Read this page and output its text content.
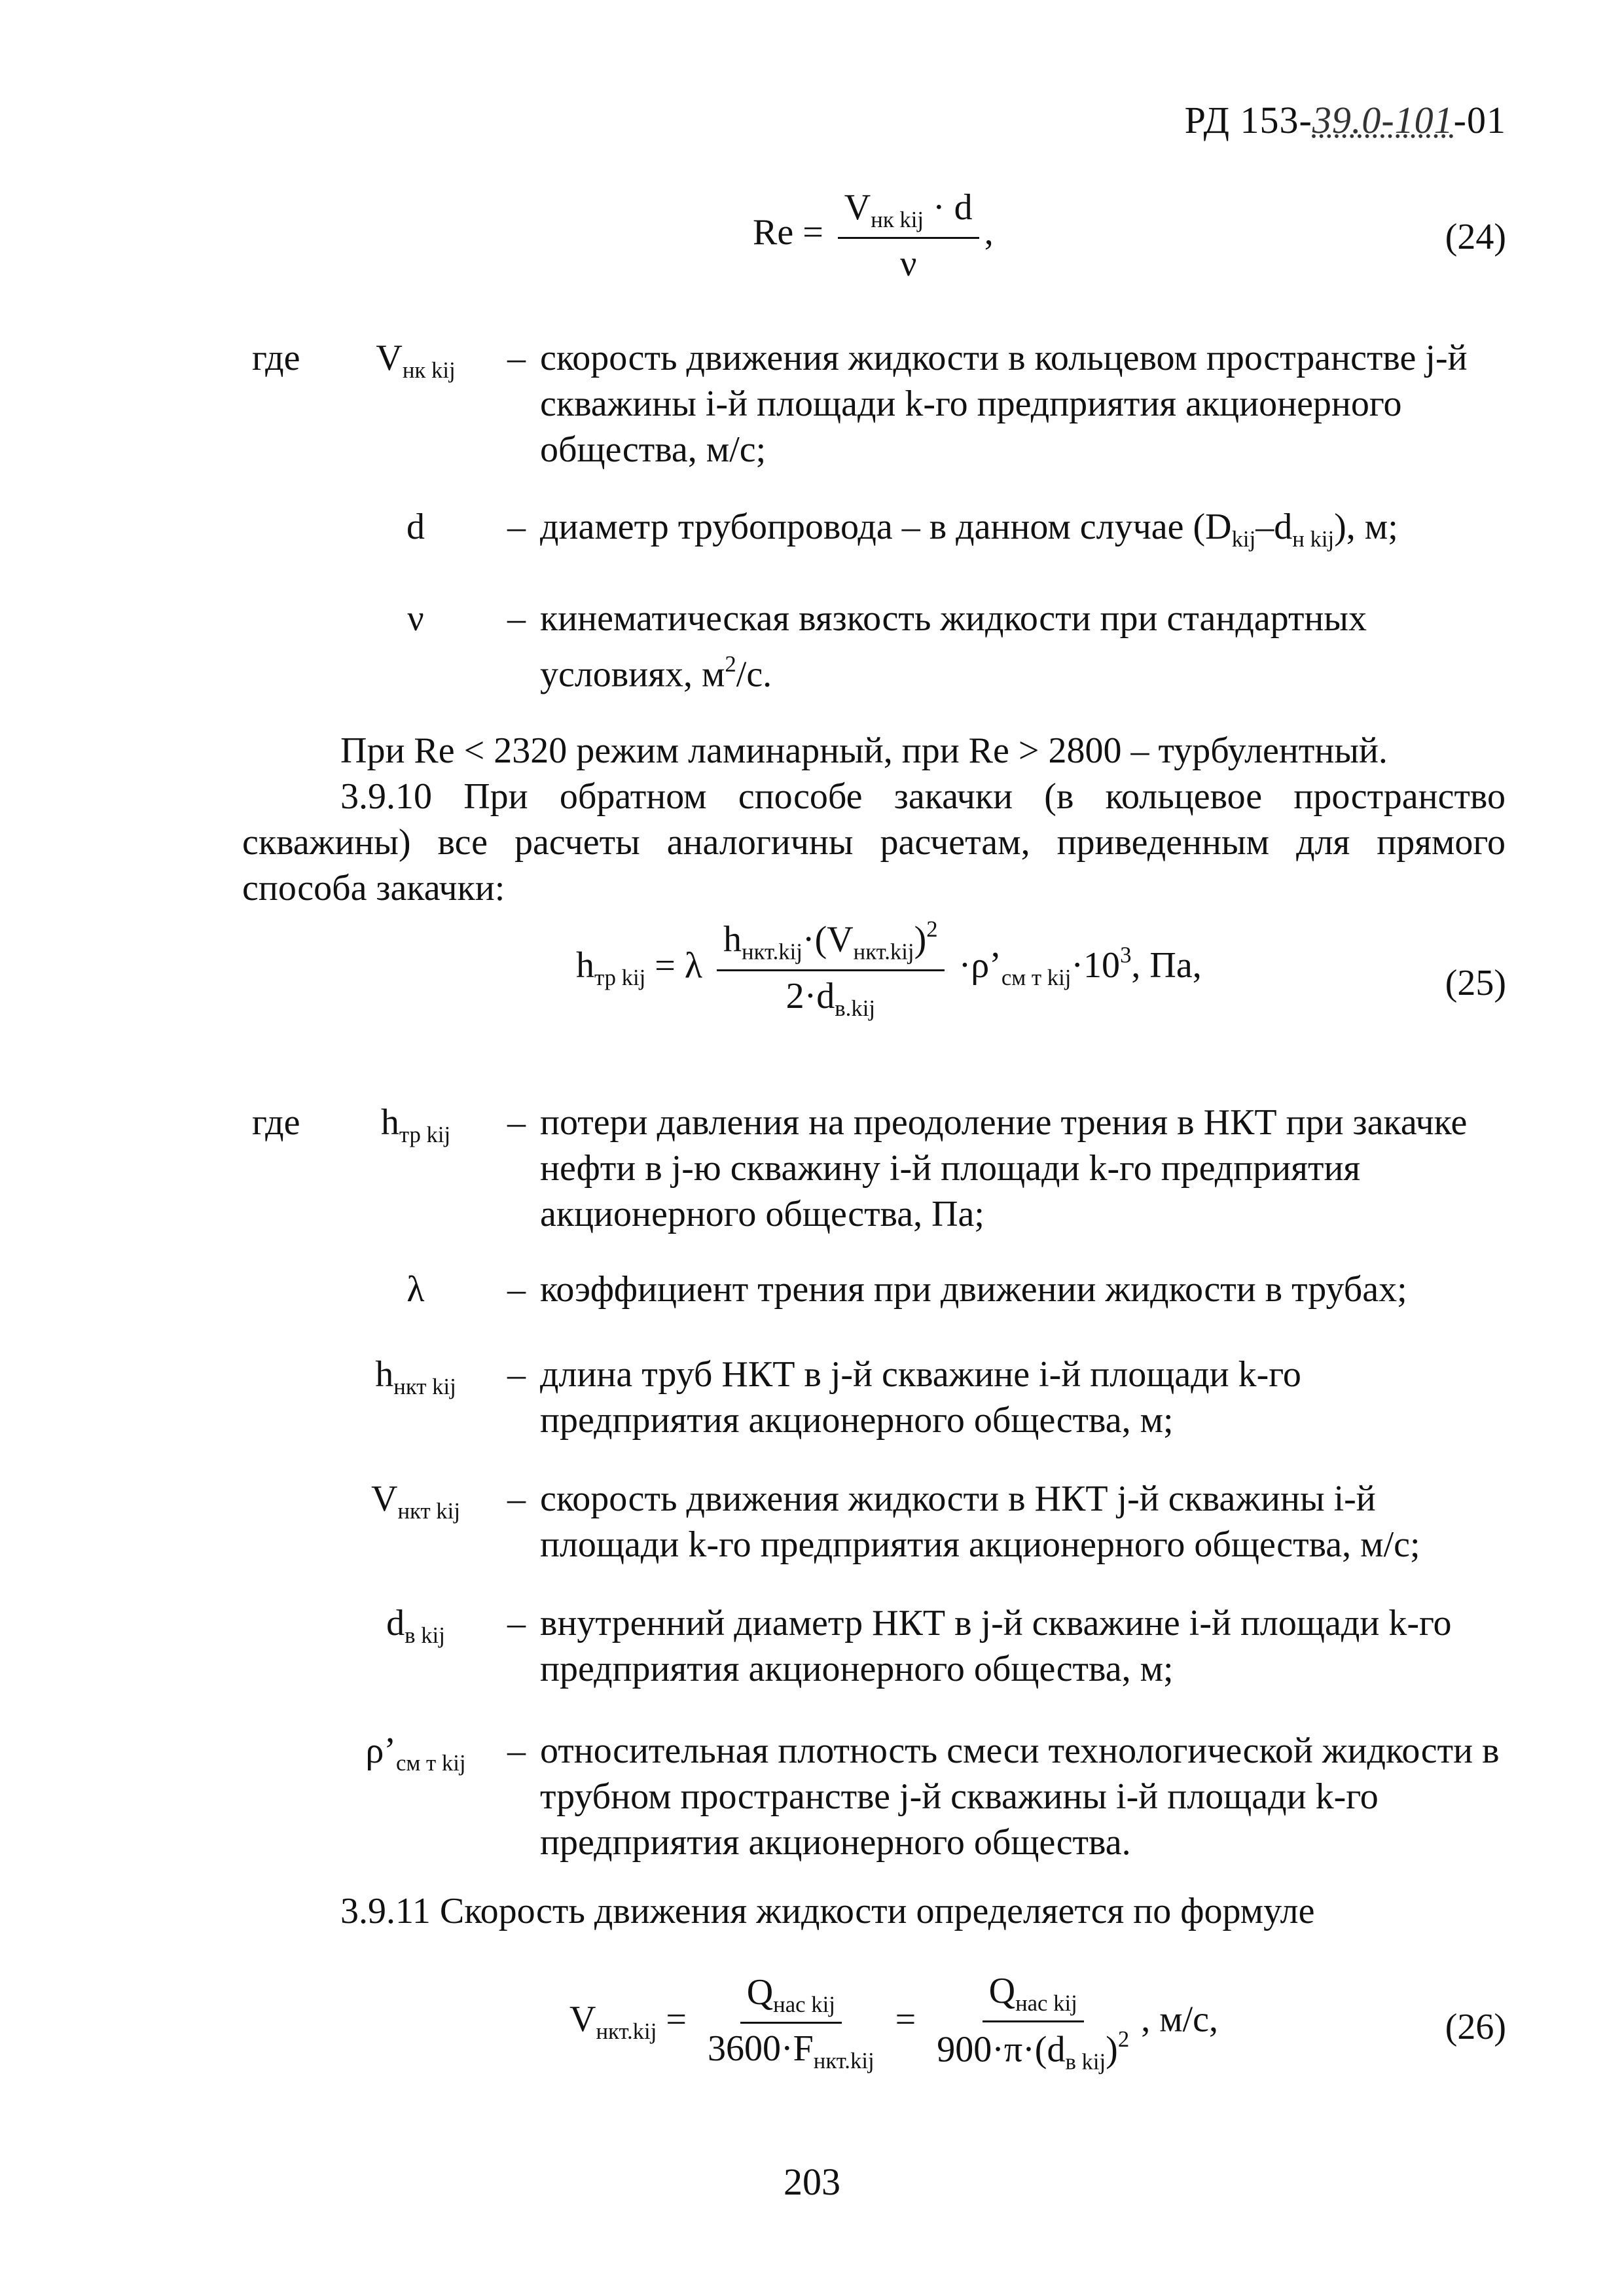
РД 153-39.0-101-01
$Re = \frac{V_{нк kij} \cdot d}{\nu}$ ,	(24)
где	$V_{нк kij}$	– скорость движения жидкости в кольцевом пространстве j-й скважины i-й площади k-го предприятия акционерного общества, м/с;
d	– диаметр трубопровода – в данном случае $(D_{kij}-d_{н kij})$, м;
ν	– кинематическая вязкость жидкости при стандартных условиях, $м^2/с$.
При Re < 2320 режим ламинарный, при Re > 2800 – турбулентный.
3.9.10 При обратном способе закачки (в кольцевое пространство скважины) все расчеты аналогичны расчетам, приведенным для прямого способа закачки:
$h_{тр kij} = \lambda \frac{h_{нкт.kij}\cdot(V_{нкт.kij})^2}{2\cdot d_{в.kij}}$ $\cdot\rho’_{см т kij}\cdot 10^3$, Па,	(25)
где	$h_{тр kij}$	– потери давления на преодоление трения в НКТ при закачке нефти в j-ю скважину i-й площади k-го предприятия акционерного общества, Па;
λ	– коэффициент трения при движении жидкости в трубах;
$h_{нкт kij}$	– длина труб НКТ в j-й скважине i-й площади k-го предприятия акционерного общества, м;
$V_{нкт kij}$	– скорость движения жидкости в НКТ j-й скважины i-й площади k-го предприятия акционерного общества, м/с;
$d_{в kij}$	– внутренний диаметр НКТ в j-й скважине i-й площади k-го предприятия акционерного общества, м;
$\rho’_{см т kij}$	– относительная плотность смеси технологической жидкости в трубном пространстве j-й скважины i-й площади k-го предприятия акционерного общества.
3.9.11 Скорость движения жидкости определяется по формуле
$V_{нкт.kij} = \frac{Q_{нас kij}}{3600\cdot F_{нкт.kij}} = \frac{Q_{нас kij}}{900\cdot\pi\cdot(d_{в kij})^2}$ , м/с,	(26)
203
